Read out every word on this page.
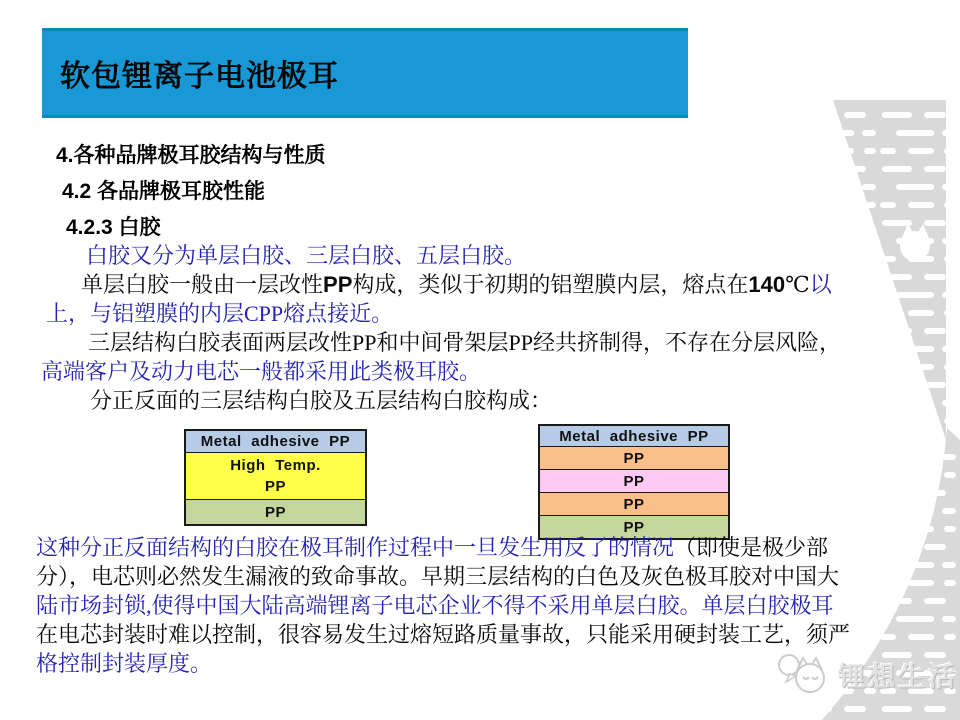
软包锂离子电池极耳
4.各种品牌极耳胶结构与性质
4.2 各品牌极耳胶性能
4.2.3 白胶
白胶又分为单层白胶、三层白胶、五层白胶。
单层白胶一般由一层改性PP构成，类似于初期的铝塑膜内层，熔点在140℃以
上，与铝塑膜的内层CPP熔点接近。
三层结构白胶表面两层改性PP和中间骨架层PP经共挤制得，不存在分层风险，
高端客户及动力电芯一般都采用此类极耳胶。
分正反面的三层结构白胶及五层结构白胶构成：
Metal adhesive PP
High Temp.
PP
PP
Metal adhesive PP
PP
PP
PP
PP
这种分正反面结构的白胶在极耳制作过程中一旦发生用反了的情况（即使是极少部
分），电芯则必然发生漏液的致命事故。早期三层结构的白色及灰色极耳胶对中国大
陆市场封锁,使得中国大陆高端锂离子电芯企业不得不采用单层白胶。单层白胶极耳
在电芯封装时难以控制，很容易发生过熔短路质量事故，只能采用硬封装工艺，须严
格控制封装厚度。	锂想生活
